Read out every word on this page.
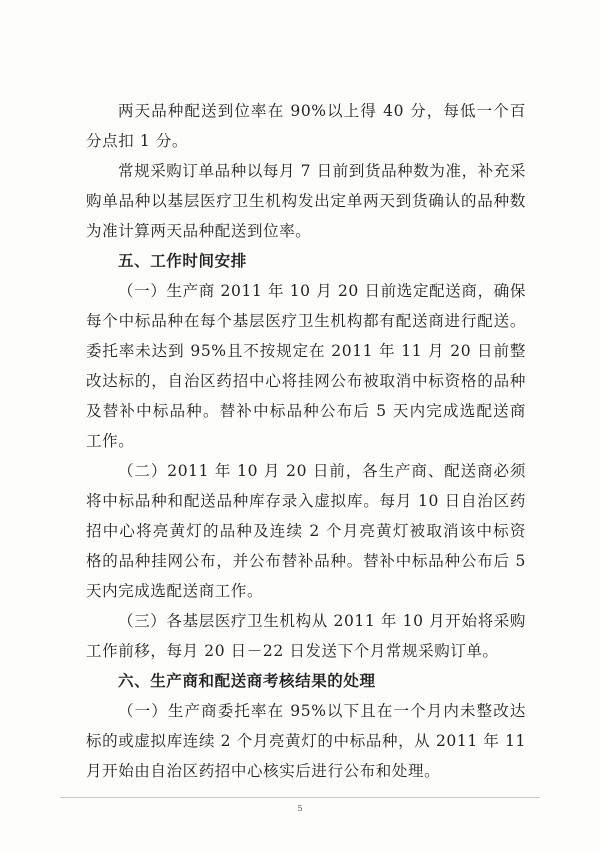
两天品种配送到位率在 90%以上得 40 分，每低一个百分点扣 1 分。

常规采购订单品种以每月 7 日前到货品种数为准，补充采购单品种以基层医疗卫生机构发出定单两天到货确认的品种数为准计算两天品种配送到位率。

五、工作时间安排

（一）生产商 2011 年 10 月 20 日前选定配送商，确保每个中标品种在每个基层医疗卫生机构都有配送商进行配送。委托率未达到 95%且不按规定在 2011 年 11 月 20 日前整改达标的，自治区药招中心将挂网公布被取消中标资格的品种及替补中标品种。替补中标品种公布后 5 天内完成选配送商工作。

（二）2011 年 10 月 20 日前，各生产商、配送商必须将中标品种和配送品种库存录入虚拟库。每月 10 日自治区药招中心将亮黄灯的品种及连续 2 个月亮黄灯被取消该中标资格的品种挂网公布，并公布替补品种。替补中标品种公布后 5 天内完成选配送商工作。

（三）各基层医疗卫生机构从 2011 年 10 月开始将采购工作前移，每月 20 日－22 日发送下个月常规采购订单。

六、生产商和配送商考核结果的处理

（一）生产商委托率在 95%以下且在一个月内未整改达标的或虚拟库连续 2 个月亮黄灯的中标品种，从 2011 年 11 月开始由自治区药招中心核实后进行公布和处理。

5
